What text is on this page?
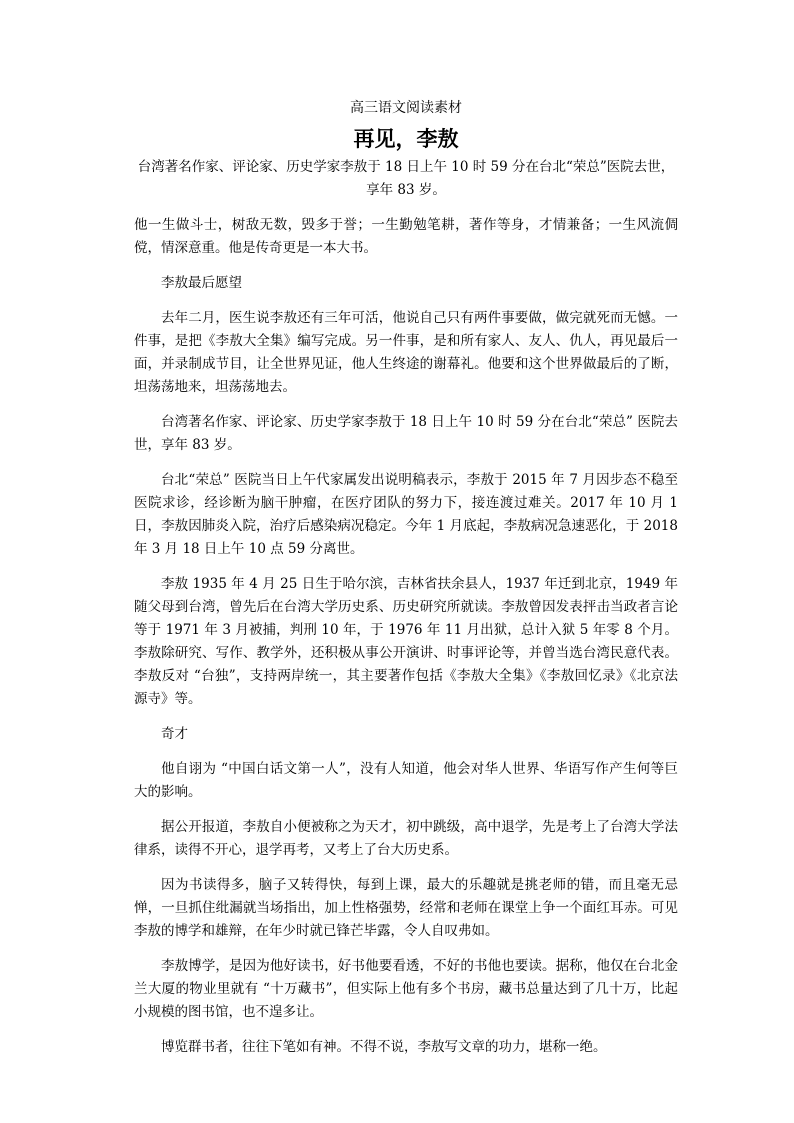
高三语文阅读素材
再见，李敖
台湾著名作家、评论家、历史学家李敖于 18 日上午 10 时 59 分在台北“荣总”医院去世，享年 83 岁。
他一生做斗士，树敌无数，毁多于誉；一生勤勉笔耕，著作等身，才情兼备；一生风流倜傥，情深意重。他是传奇更是一本大书。
李敖最后愿望
去年二月，医生说李敖还有三年可活，他说自己只有两件事要做，做完就死而无憾。一件事，是把《李敖大全集》编写完成。另一件事，是和所有家人、友人、仇人，再见最后一面，并录制成节目，让全世界见证，他人生终途的谢幕礼。他要和这个世界做最后的了断，坦荡荡地来，坦荡荡地去。
台湾著名作家、评论家、历史学家李敖于 18 日上午 10 时 59 分在台北“荣总” 医院去世，享年 83 岁。
台北“荣总” 医院当日上午代家属发出说明稿表示，李敖于 2015 年 7 月因步态不稳至医院求诊，经诊断为脑干肿瘤，在医疗团队的努力下，接连渡过难关。2017 年 10 月 1 日，李敖因肺炎入院，治疗后感染病况稳定。今年 1 月底起，李敖病况急速恶化，于 2018 年 3 月 18 日上午 10 点 59 分离世。
李敖 1935 年 4 月 25 日生于哈尔滨，吉林省扶余县人，1937 年迁到北京，1949 年随父母到台湾，曾先后在台湾大学历史系、历史研究所就读。李敖曾因发表抨击当政者言论等于 1971 年 3 月被捕，判刑 10 年，于 1976 年 11 月出狱，总计入狱 5 年零 8 个月。李敖除研究、写作、教学外，还积极从事公开演讲、时事评论等，并曾当选台湾民意代表。李敖反对 “台独”，支持两岸统一，其主要著作包括《李敖大全集》《李敖回忆录》《北京法源寺》等。
奇才
他自诩为 “中国白话文第一人”，没有人知道，他会对华人世界、华语写作产生何等巨大的影响。
据公开报道，李敖自小便被称之为天才，初中跳级，高中退学，先是考上了台湾大学法律系，读得不开心，退学再考，又考上了台大历史系。
因为书读得多，脑子又转得快，每到上课，最大的乐趣就是挑老师的错，而且毫无忌惮，一旦抓住纰漏就当场指出，加上性格强势，经常和老师在课堂上争一个面红耳赤。可见李敖的博学和雄辩，在年少时就已锋芒毕露，令人自叹弗如。
李敖博学，是因为他好读书，好书他要看透，不好的书他也要读。据称，他仅在台北金兰大厦的物业里就有 “十万藏书”，但实际上他有多个书房，藏书总量达到了几十万，比起小规模的图书馆，也不遑多让。
博览群书者，往往下笔如有神。不得不说，李敖写文章的功力，堪称一绝。
